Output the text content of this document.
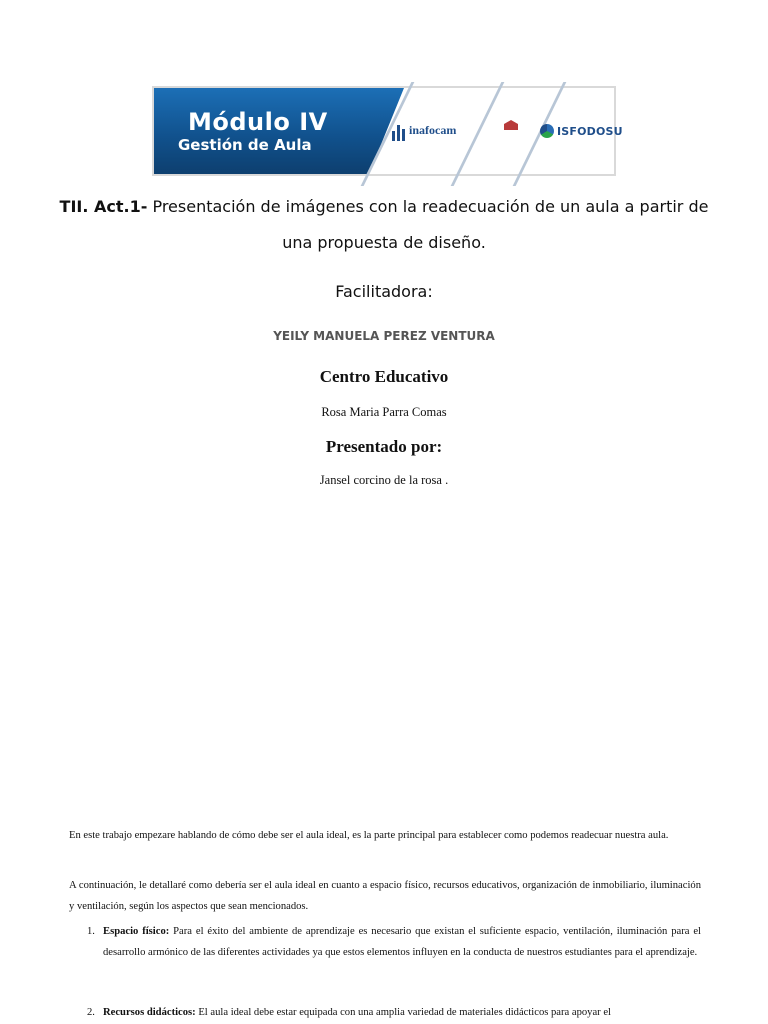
Módulo IV
Gestión de Aula
inafocam

	ISFODOSU
TII. Act.1- Presentación de imágenes con la readecuación de un aula a partir de
una propuesta de diseño.
Facilitadora:
YEILY MANUELA PEREZ VENTURA
Centro Educativo
Rosa Maria Parra Comas
Presentado por:
Jansel corcino de la rosa .
En este trabajo empezare hablando de cómo debe ser el aula ideal, es la parte principal para establecer como podemos readecuar nuestra aula.
A continuación, le detallaré como debería ser el aula ideal en cuanto a espacio físico, recursos educativos, organización de inmobiliario, iluminación y ventilación, según los aspectos que sean mencionados.
1. Espacio físico: Para el éxito del ambiente de aprendizaje es necesario que existan el suficiente espacio, ventilación, iluminación para el desarrollo armónico de las diferentes actividades ya que estos elementos influyen en la conducta de nuestros estudiantes para el aprendizaje.
2. Recursos didácticos: El aula ideal debe estar equipada con una amplia variedad de materiales didácticos para apoyar el
